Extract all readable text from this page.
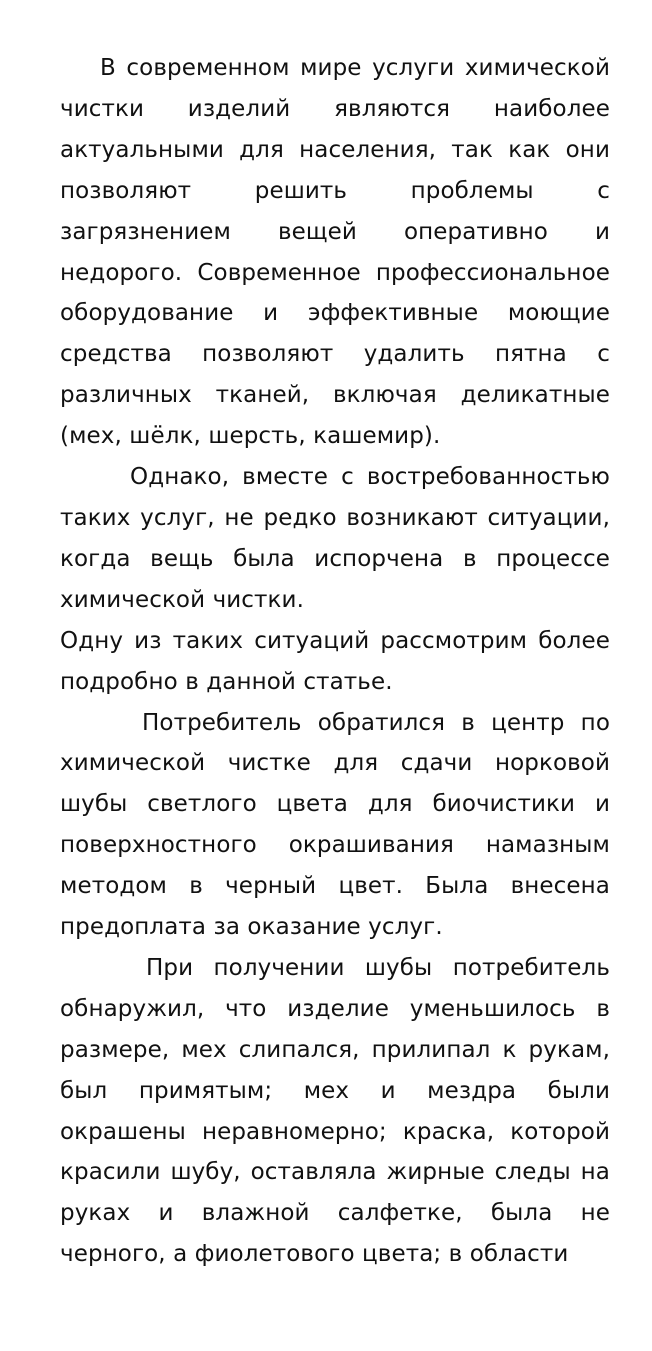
В современном мире услуги химической чистки изделий являются наиболее актуальными для населения, так как они позволяют решить проблемы с загрязнением вещей оперативно и недорого. Современное профессиональное оборудование и эффективные моющие средства позволяют удалить пятна с различных тканей, включая деликатные (мех, шёлк, шерсть, кашемир).

Однако, вместе с востребованностью таких услуг, не редко возникают ситуации, когда вещь была испорчена в процессе химической чистки.

Одну из таких ситуаций рассмотрим более подробно в данной статье.

Потребитель обратился в центр по химической чистке для сдачи норковой шубы светлого цвета для биочистики и поверхностного окрашивания намазным методом в черный цвет. Была внесена предоплата за оказание услуг.

При получении шубы потребитель обнаружил, что изделие уменьшилось в размере, мех слипался, прилипал к рукам, был примятым; мех и мездра были окрашены неравномерно; краска, которой красили шубу, оставляла жирные следы на руках и влажной салфетке, была не черного, а фиолетового цвета; в области
